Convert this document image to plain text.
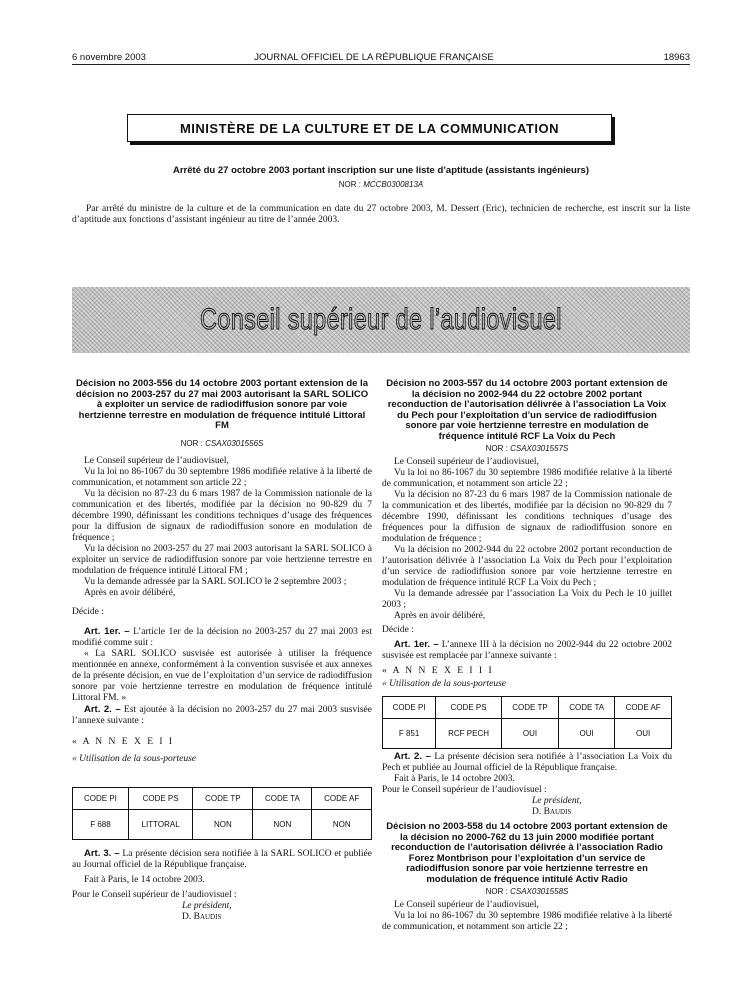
6 novembre 2003	JOURNAL OFFICIEL DE LA RÉPUBLIQUE FRANÇAISE	18963
MINISTÈRE DE LA CULTURE ET DE LA COMMUNICATION
Arrêté du 27 octobre 2003 portant inscription sur une liste d’aptitude (assistants ingénieurs)
NOR : MCCB0300813A

Par arrêté du ministre de la culture et de la communication en date du 27 octobre 2003, M. Dessert (Eric), technicien de recherche, est inscrit sur la liste d’aptitude aux fonctions d’assistant ingénieur au titre de l’année 2003.

Conseil supérieur de l’audiovisuel
Décision no 2003-556 du 14 octobre 2003 portant extension de la décision no 2003-257 du 27 mai 2003 autorisant la SARL SOLICO à exploiter un service de radiodiffusion sonore par voie hertzienne terrestre en modulation de fréquence intitulé Littoral FM
NOR : CSAX0301556S

Le Conseil supérieur de l’audiovisuel,

Vu la loi no 86-1067 du 30 septembre 1986 modifiée relative à la liberté de communication, et notamment son article 22 ;

Vu la décision no 87-23 du 6 mars 1987 de la Commission nationale de la communication et des libertés, modifiée par la décision no 90-829 du 7 décembre 1990, définissant les conditions techniques d’usage des fréquences pour la diffusion de signaux de radiodiffusion sonore en modulation de fréquence ;

Vu la décision no 2003-257 du 27 mai 2003 autorisant la SARL SOLICO à exploiter un service de radiodiffusion sonore par voie hertzienne terrestre en modulation de fréquence intitulé Littoral FM ;

Vu la demande adressée par la SARL SOLICO le 2 septembre 2003 ;

Après en avoir délibéré,

Décide :

Art. 1er. – L’article 1er de la décision no 2003-257 du 27 mai 2003 est modifié comme suit :

« La SARL SOLICO susvisée est autorisée à utiliser la fréquence mentionnée en annexe, conformément à la convention susvisée et aux annexes de la présente décision, en vue de l’exploitation d’un service de radiodiffusion sonore par voie hertzienne terrestre en modulation de fréquence intitulé Littoral FM. »

Art. 2. – Est ajoutée à la décision no 2003-257 du 27 mai 2003 susvisée l’annexe suivante :

« A N N E X E I I

« Utilisation de la sous-porteuse

CODE PI	CODE PS	CODE TP	CODE TA	CODE AF
F 688	LITTORAL	NON	NON	NON

Art. 3. – La présente décision sera notifiée à la SARL SOLICO et publiée au Journal officiel de la République française.

Fait à Paris, le 14 octobre 2003.

Pour le Conseil supérieur de l’audiovisuel :

Le président,

D. Baudis

Décision no 2003-557 du 14 octobre 2003 portant extension de la décision no 2002-944 du 22 octobre 2002 portant reconduction de l’autorisation délivrée à l’association La Voix du Pech pour l’exploitation d’un service de radiodiffusion sonore par voie hertzienne terrestre en modulation de fréquence intitulé RCF La Voix du Pech
NOR : CSAX0301557S

Le Conseil supérieur de l’audiovisuel,

Vu la loi no 86-1067 du 30 septembre 1986 modifiée relative à la liberté de communication, et notamment son article 22 ;

Vu la décision no 87-23 du 6 mars 1987 de la Commission nationale de la communication et des libertés, modifiée par la décision no 90-829 du 7 décembre 1990, définissant les conditions techniques d’usage des fréquences pour la diffusion de signaux de radiodiffusion sonore en modulation de fréquence ;

Vu la décision no 2002-944 du 22 octobre 2002 portant reconduction de l’autorisation délivrée à l’association La Voix du Pech pour l’exploitation d’un service de radiodiffusion sonore par voie hertzienne terrestre en modulation de fréquence intitulé RCF La Voix du Pech ;

Vu la demande adressée par l’association La Voix du Pech le 10 juillet 2003 ;

Après en avoir délibéré,

Décide :

Art. 1er. – L’annexe III à la décision no 2002-944 du 22 octobre 2002 susvisée est remplacée par l’annexe suivante :

« A N N E X E I I I

« Utilisation de la sous-porteuse

CODE PI	CODE PS	CODE TP	CODE TA	CODE AF
F 851	RCF PECH	OUI	OUI	OUI

Art. 2. – La présente décision sera notifiée à l’association La Voix du Pech et publiée au Journal officiel de la République française.

Fait à Paris, le 14 octobre 2003.

Pour le Conseil supérieur de l’audiovisuel :

Le président,

D. Baudis

Décision no 2003-558 du 14 octobre 2003 portant extension de la décision no 2000-762 du 13 juin 2000 modifiée portant reconduction de l’autorisation délivrée à l’association Radio Forez Montbrison pour l’exploitation d’un service de radiodiffusion sonore par voie hertzienne terrestre en modulation de fréquence intitulé Activ Radio
NOR : CSAX0301558S

Le Conseil supérieur de l’audiovisuel,

Vu la loi no 86-1067 du 30 septembre 1986 modifiée relative à la liberté de communication, et notamment son article 22 ;
